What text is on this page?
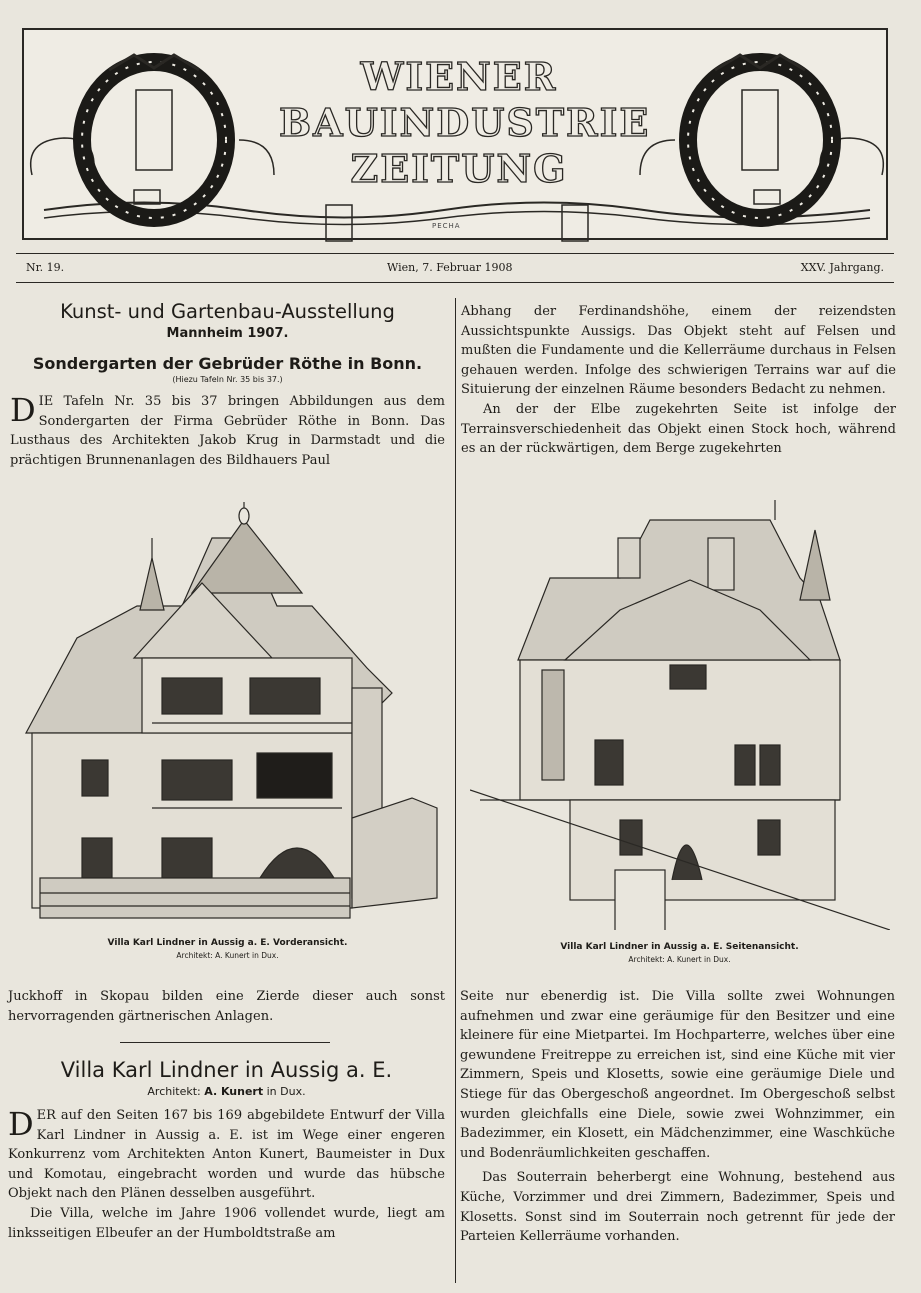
WIENER
BAUINDUSTRIE
ZEITUNG
PECHA
Nr. 19.	Wien, 7. Februar 1908	XXV. Jahrgang.
Kunst- und Gartenbau-Ausstellung
Mannheim 1907.
Sondergarten der Gebrüder Röthe in Bonn.
(Hiezu Tafeln Nr. 35 bis 37.)

DIE Tafeln Nr. 35 bis 37 bringen Abbildungen aus dem Sondergarten der Firma Gebrüder Röthe in Bonn. Das Lusthaus des Architekten Jakob Krug in Darmstadt und die prächtigen Brunnenanlagen des Bildhauers Paul

Abhang der Ferdinandshöhe, einem der reizendsten Aussichtspunkte Aussigs. Das Objekt steht auf Felsen und mußten die Fundamente und die Kellerräume durchaus in Felsen gehauen werden. Infolge des schwierigen Terrains war auf die Situierung der einzelnen Räume besonders Bedacht zu nehmen.

An der der Elbe zugekehrten Seite ist infolge der Terrainsverschiedenheit das Objekt einen Stock hoch, während es an der rückwärtigen, dem Berge zugekehrten

Villa Karl Lindner in Aussig a. E. Vorderansicht.
Architekt: A. Kunert in Dux.
Villa Karl Lindner in Aussig a. E. Seitenansicht.
Architekt: A. Kunert in Dux.

Juckhoff in Skopau bilden eine Zierde dieser auch sonst hervorragenden gärtnerischen Anlagen.

Villa Karl Lindner in Aussig a. E.
Architekt: A. Kunert in Dux.

DER auf den Seiten 167 bis 169 abgebildete Entwurf der Villa Karl Lindner in Aussig a. E. ist im Wege einer engeren Konkurrenz vom Architekten Anton Kunert, Baumeister in Dux und Komotau, eingebracht worden und wurde das hübsche Objekt nach den Plänen desselben ausgeführt.

Die Villa, welche im Jahre 1906 vollendet wurde, liegt am linksseitigen Elbeufer an der Humboldtstraße am

Seite nur ebenerdig ist. Die Villa sollte zwei Wohnungen aufnehmen und zwar eine geräumige für den Besitzer und eine kleinere für eine Mietpartei. Im Hochparterre, welches über eine gewundene Freitreppe zu erreichen ist, sind eine Küche mit vier Zimmern, Speis und Klosetts, sowie eine geräumige Diele und Stiege für das Obergeschoß angeordnet. Im Obergeschoß selbst wurden gleichfalls eine Diele, sowie zwei Wohnzimmer, ein Badezimmer, ein Klosett, ein Mädchenzimmer, eine Waschküche und Bodenräumlichkeiten geschaffen.

Das Souterrain beherbergt eine Wohnung, bestehend aus Küche, Vorzimmer und drei Zimmern, Badezimmer, Speis und Klosetts. Sonst sind im Souterrain noch getrennt für jede der Parteien Kellerräume vorhanden.
